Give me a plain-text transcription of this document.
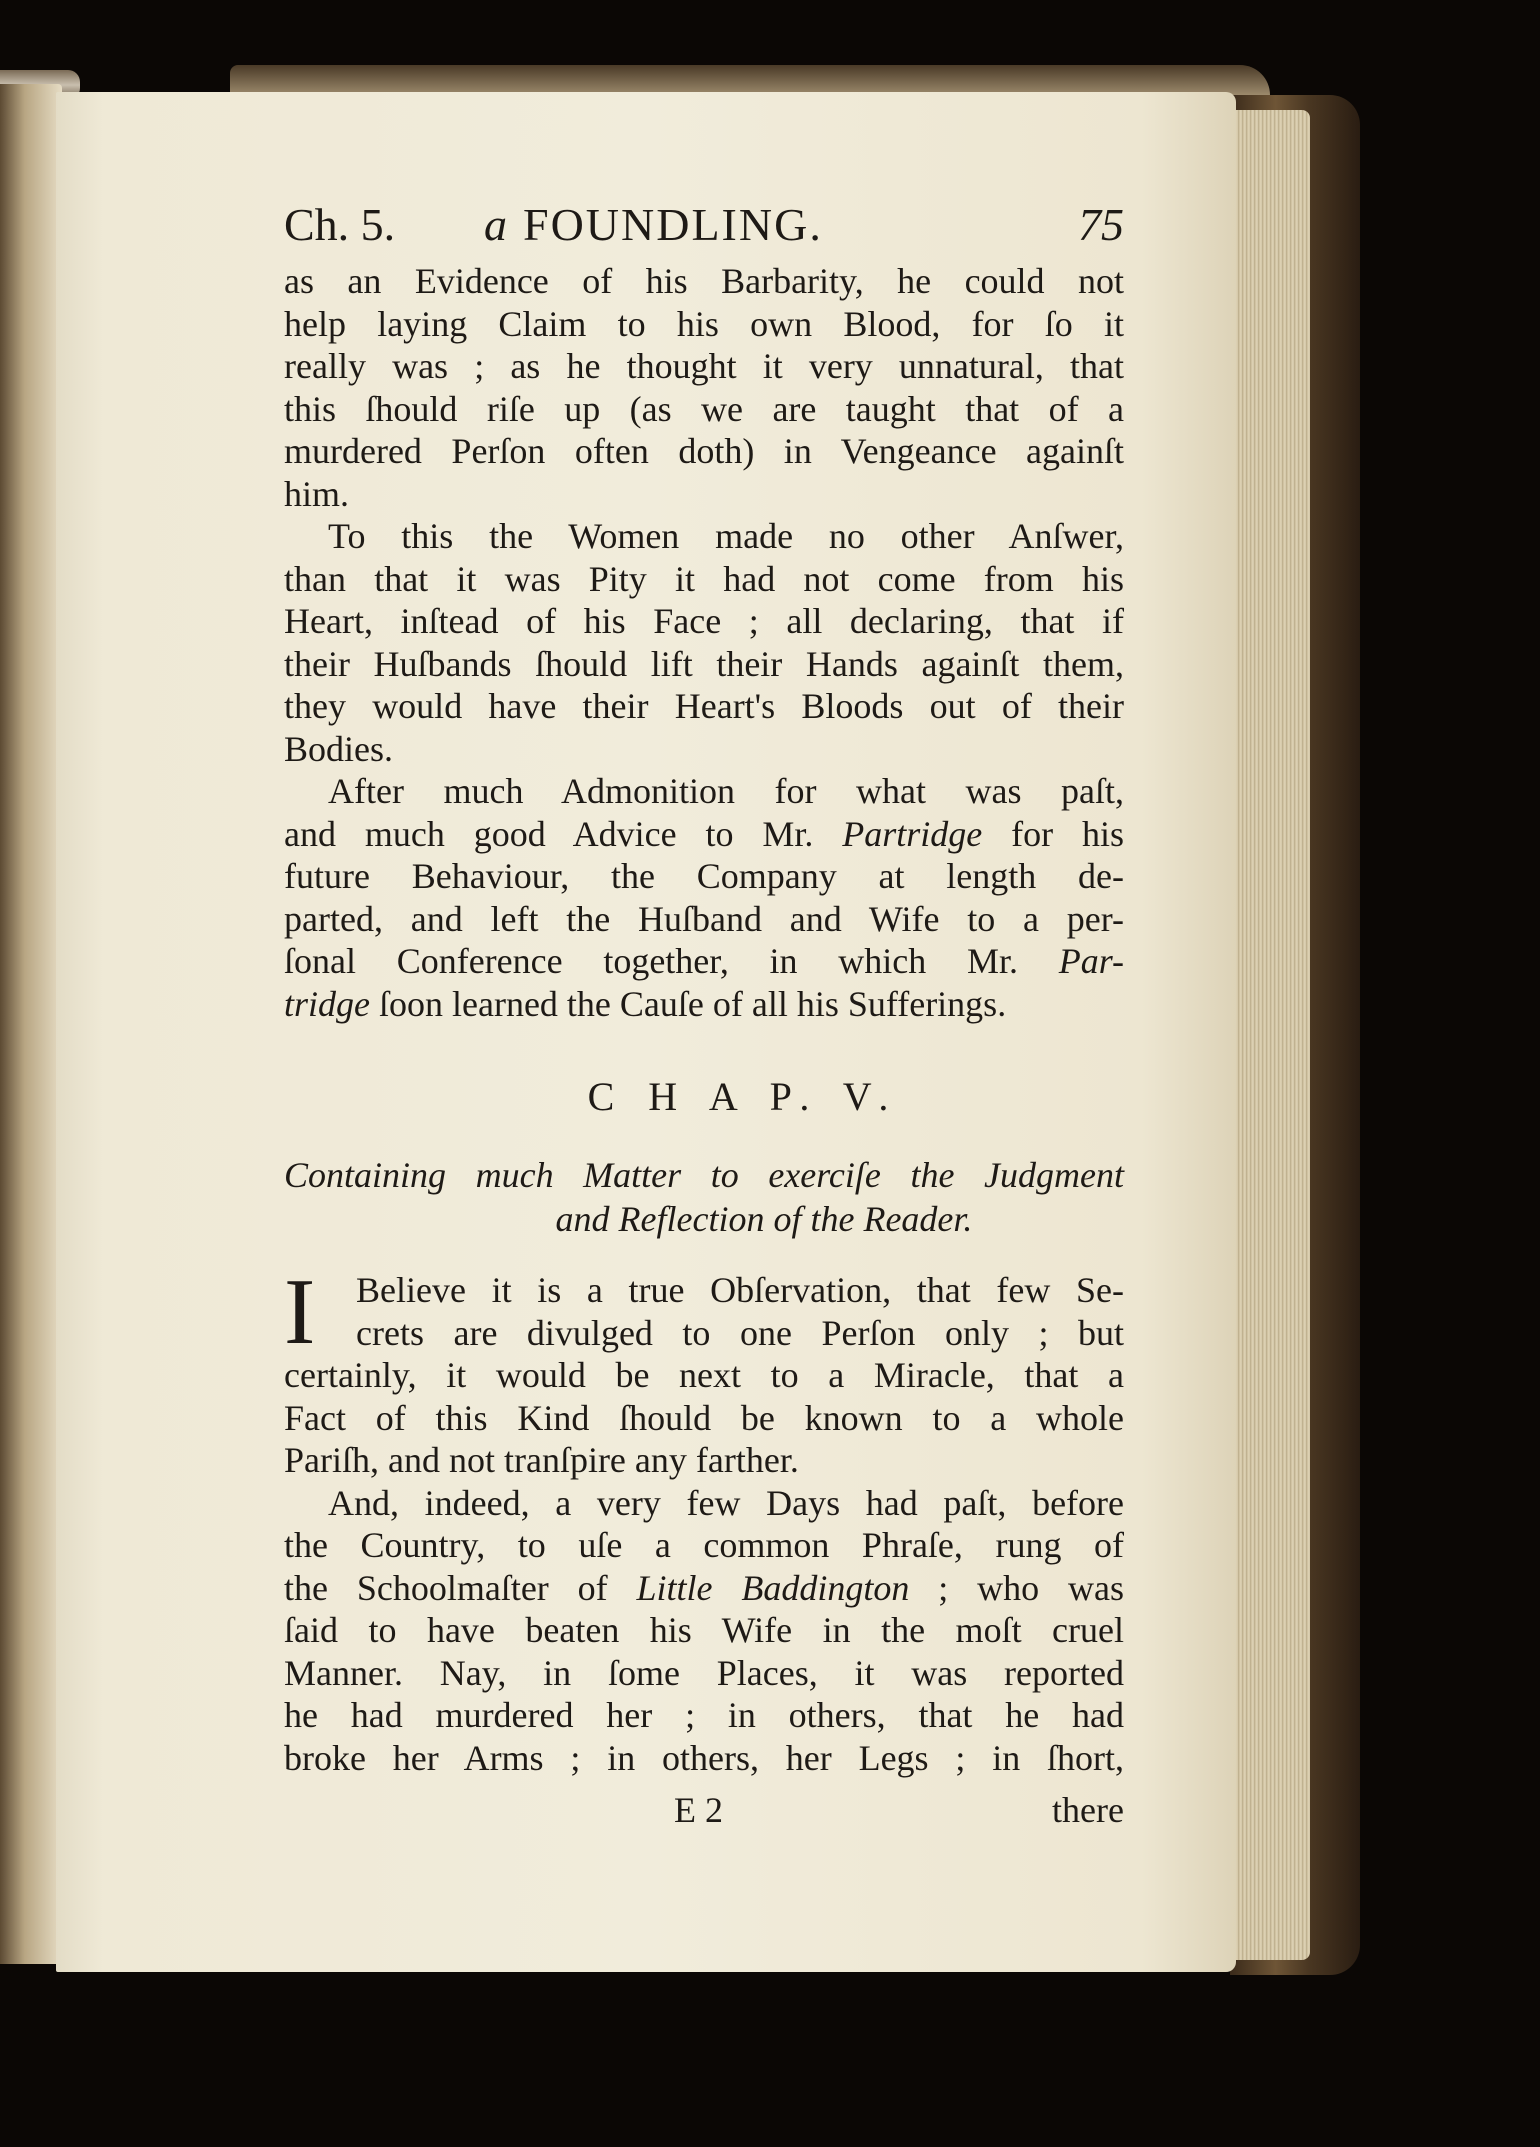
Ch. 5. a FOUNDLING.	75
as an Evidence of his Barbarity, he could not
help laying Claim to his own Blood, for ſo it
really was ; as he thought it very unnatural, that
this ſhould riſe up (as we are taught that of a
murdered Perſon often doth) in Vengeance againſt
him.
To this the Women made no other Anſwer,
than that it was Pity it had not come from his
Heart, inſtead of his Face ; all declaring, that if
their Huſbands ſhould lift their Hands againſt them,
they would have their Heart's Bloods out of their
Bodies.
After much Admonition for what was paſt,
and much good Advice to Mr. Partridge for his
future Behaviour, the Company at length de-
parted, and left the Huſband and Wife to a per-
ſonal Conference together, in which Mr. Par-
tridge ſoon learned the Cauſe of all his Sufferings.
C H A P. V.
Containing much Matter to exerciſe the Judgment
and Reflection of the Reader.
I	Believe it is a true Obſervation, that few Se-
crets are divulged to one Perſon only ; but
certainly, it would be next to a Miracle, that a
Fact of this Kind ſhould be known to a whole
Pariſh, and not tranſpire any farther.
And, indeed, a very few Days had paſt, before
the Country, to uſe a common Phraſe, rung of
the Schoolmaſter of Little Baddington ; who was
ſaid to have beaten his Wife in the moſt cruel
Manner. Nay, in ſome Places, it was reported
he had murdered her ; in others, that he had
broke her Arms ; in others, her Legs ; in ſhort,
E 2	there
